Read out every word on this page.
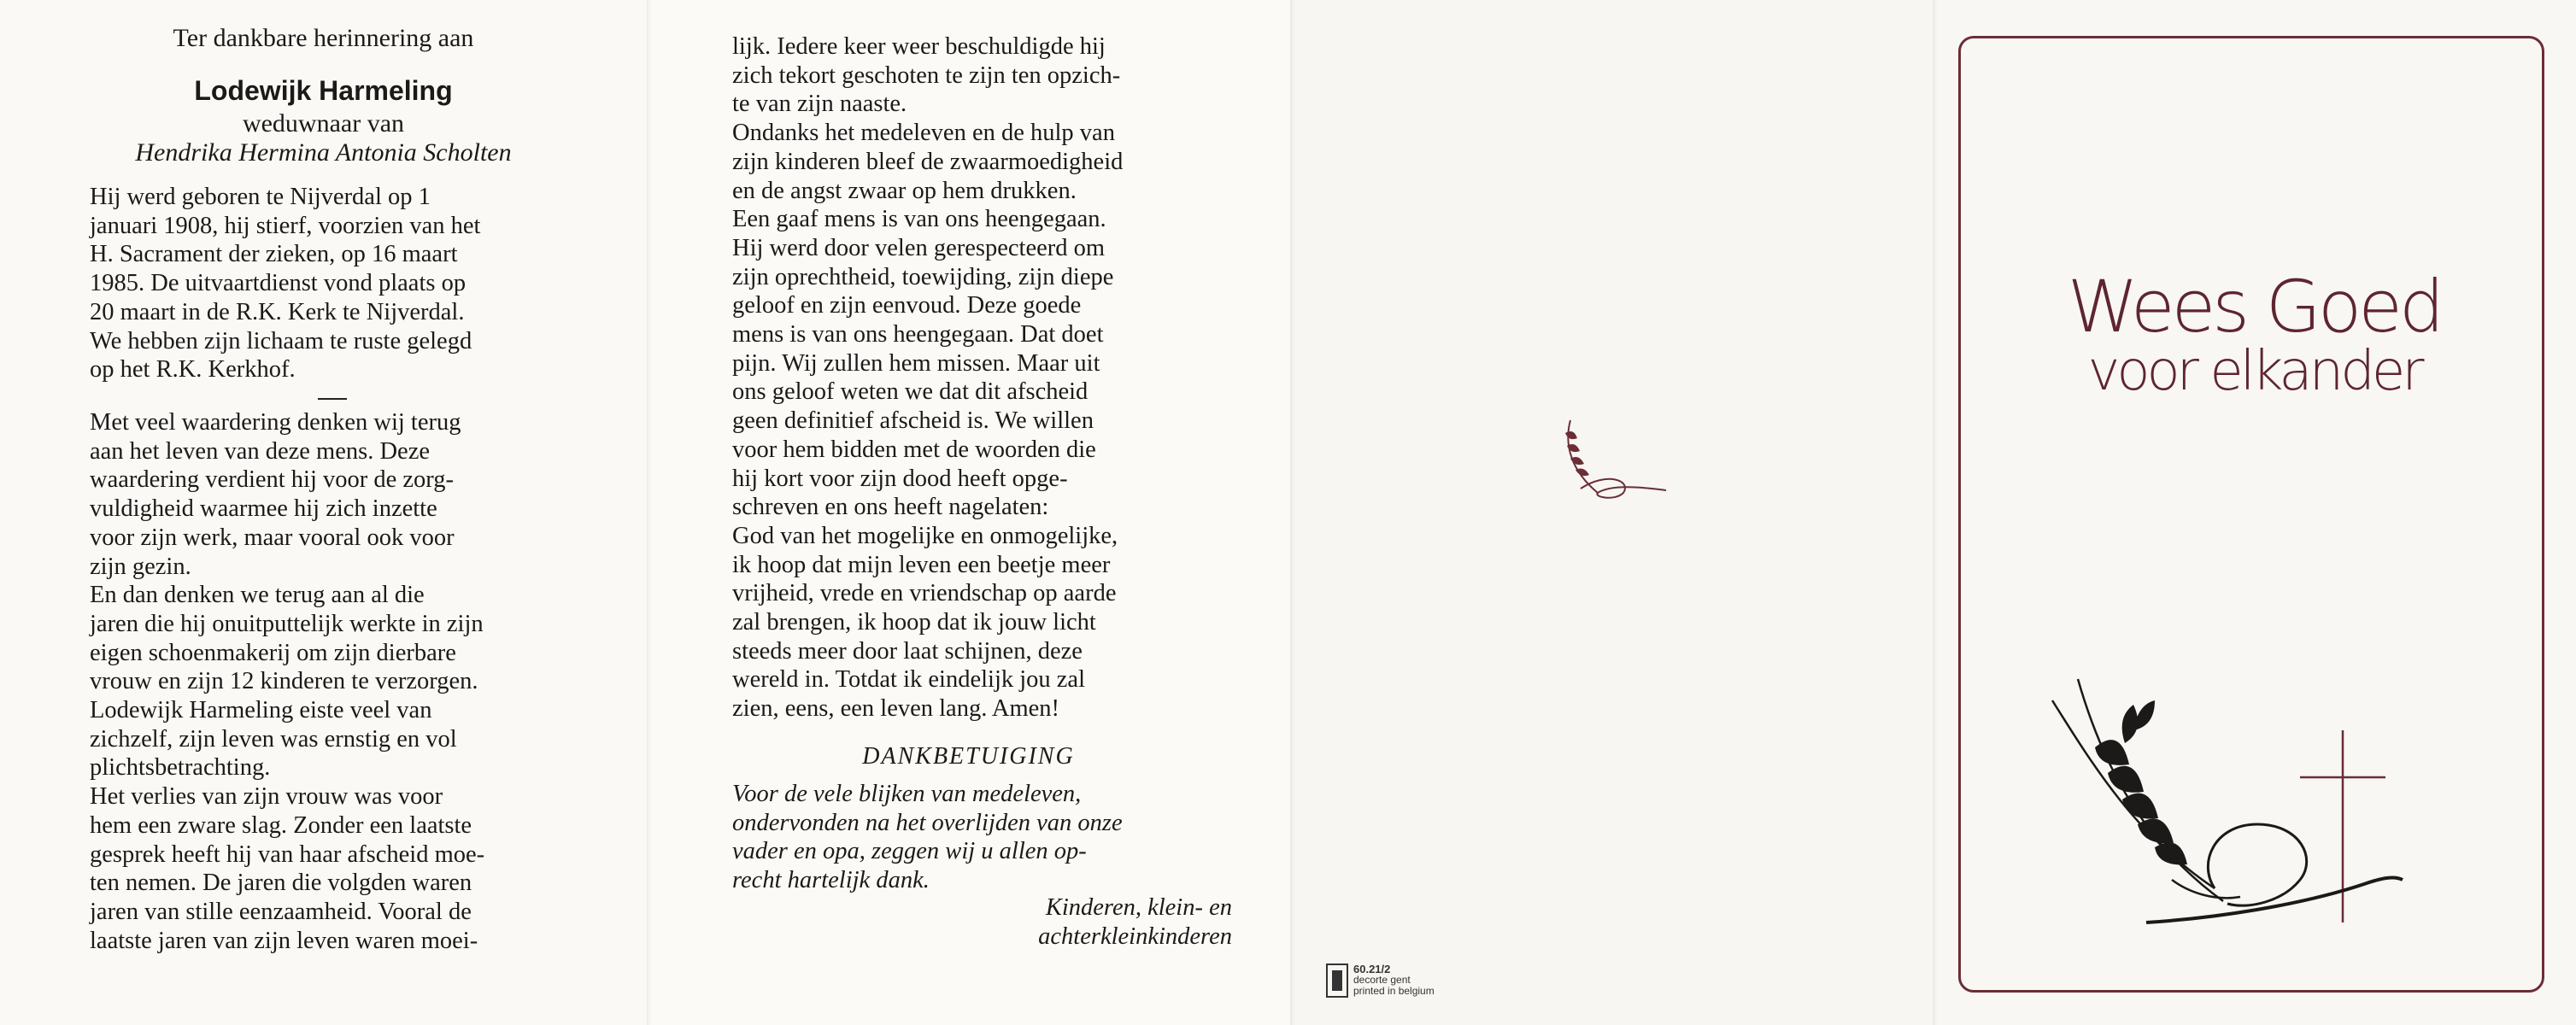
Ter dankbare herinnering aan
Lodewijk Harmeling
weduwnaar van
Hendrika Hermina Antonia Scholten

Hij werd geboren te Nijverdal op 1

januari 1908, hij stierf, voorzien van het

H. Sacrament der zieken, op 16 maart

1985. De uitvaartdienst vond plaats op

20 maart in de R.K. Kerk te Nijverdal.

We hebben zijn lichaam te ruste gelegd

op het R.K. Kerkhof.

Met veel waardering denken wij terug

aan het leven van deze mens. Deze

waardering verdient hij voor de zorg-

vuldigheid waarmee hij zich inzette

voor zijn werk, maar vooral ook voor

zijn gezin.

En dan denken we terug aan al die

jaren die hij onuitputtelijk werkte in zijn

eigen schoenmakerij om zijn dierbare

vrouw en zijn 12 kinderen te verzorgen.

Lodewijk Harmeling eiste veel van

zichzelf, zijn leven was ernstig en vol

plichtsbetrachting.

Het verlies van zijn vrouw was voor

hem een zware slag. Zonder een laatste

gesprek heeft hij van haar afscheid moe-

ten nemen. De jaren die volgden waren

jaren van stille eenzaamheid. Vooral de

laatste jaren van zijn leven waren moei-

lijk. Iedere keer weer beschuldigde hij

zich tekort geschoten te zijn ten opzich-

te van zijn naaste.

Ondanks het medeleven en de hulp van

zijn kinderen bleef de zwaarmoedigheid

en de angst zwaar op hem drukken.

Een gaaf mens is van ons heengegaan.

Hij werd door velen gerespecteerd om

zijn oprechtheid, toewijding, zijn diepe

geloof en zijn eenvoud. Deze goede

mens is van ons heengegaan. Dat doet

pijn. Wij zullen hem missen. Maar uit

ons geloof weten we dat dit afscheid

geen definitief afscheid is. We willen

voor hem bidden met de woorden die

hij kort voor zijn dood heeft opge-

schreven en ons heeft nagelaten:

God van het mogelijke en onmogelijke,

ik hoop dat mijn leven een beetje meer

vrijheid, vrede en vriendschap op aarde

zal brengen, ik hoop dat ik jouw licht

steeds meer door laat schijnen, deze

wereld in. Totdat ik eindelijk jou zal

zien, eens, een leven lang. Amen!

DANKBETUIGING
Voor de vele blijken van medeleven,
ondervonden na het overlijden van onze
vader en opa, zeggen wij u allen op-
recht hartelijk dank.
Kinderen, klein- en
achterkleinkinderen
60.21/2
decorte gent
printed in belgium
Wees Goed
voor elkander
